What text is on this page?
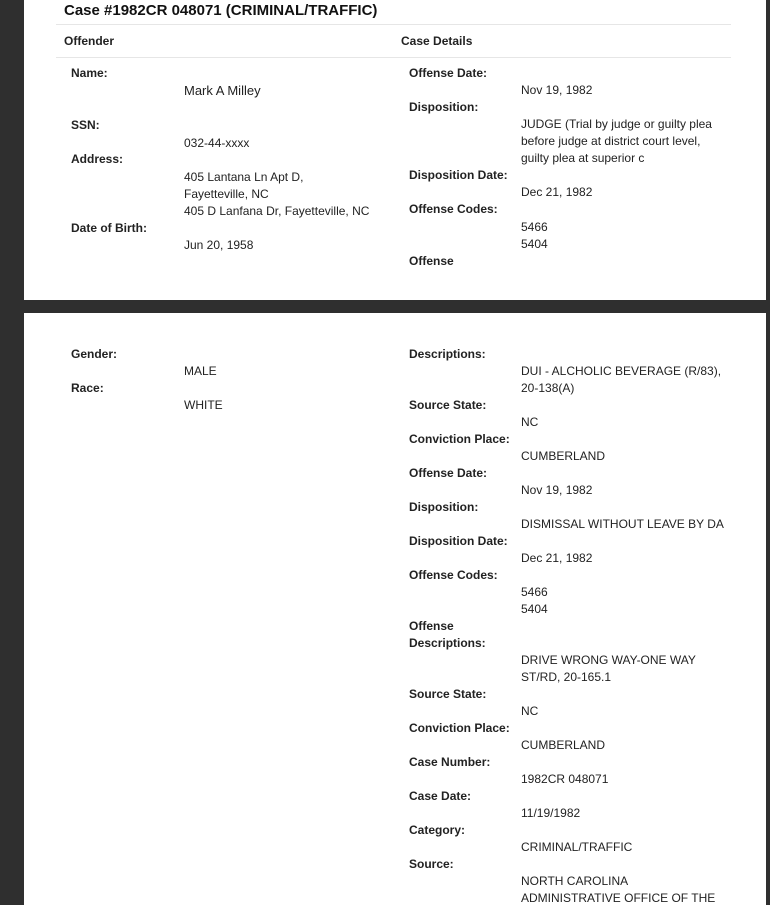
Case #1982CR 048071 (CRIMINAL/TRAFFIC)
Offender	Case Details
Name:
Mark A Milley
SSN:
032-44-xxxx
Address:
405 Lantana Ln Apt D,
Fayetteville, NC
405 D Lanfana Dr, Fayetteville, NC
Date of Birth:
Jun 20, 1958
Offense Date:
Nov 19, 1982
Disposition:
JUDGE (Trial by judge or guilty plea before judge at district court level, guilty plea at superior c
Disposition Date:
Dec 21, 1982
Offense Codes:
5466
5404
Offense
Gender:
MALE
Race:
WHITE
Descriptions:
DUI - ALCHOLIC BEVERAGE (R/83), 20-138(A)
Source State:
NC
Conviction Place:
CUMBERLAND
Offense Date:
Nov 19, 1982
Disposition:
DISMISSAL WITHOUT LEAVE BY DA
Disposition Date:
Dec 21, 1982
Offense Codes:
5466
5404
Offense
Descriptions:
DRIVE WRONG WAY-ONE WAY ST/RD, 20-165.1
Source State:
NC
Conviction Place:
CUMBERLAND
Case Number:
1982CR 048071
Case Date:
11/19/1982
Category:
CRIMINAL/TRAFFIC
Source:
NORTH CAROLINA ADMINISTRATIVE OFFICE OF THE
